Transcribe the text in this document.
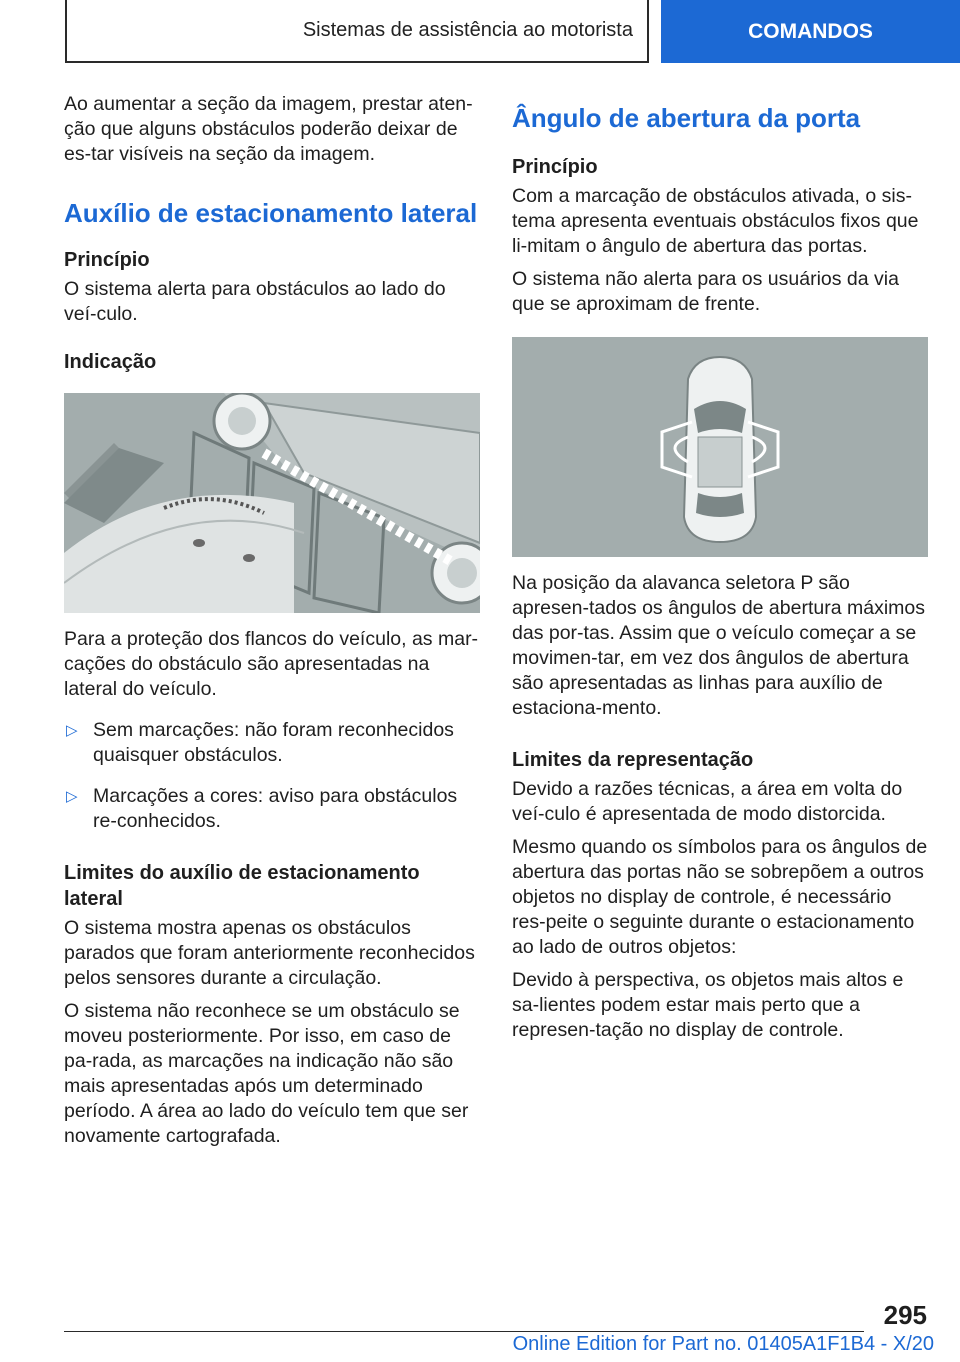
Sistemas de assistência ao motorista	COMANDOS

Ao aumentar a seção da imagem, prestar aten-ção que alguns obstáculos poderão deixar de es-tar visíveis na seção da imagem.

Auxílio de estacionamento lateral
Princípio

O sistema alerta para obstáculos ao lado do veí-culo.

Indicação

Para a proteção dos flancos do veículo, as mar-cações do obstáculo são apresentadas na lateral do veículo.

▷ Sem marcações: não foram reconhecidos quaisquer obstáculos.
▷ Marcações a cores: aviso para obstáculos re-conhecidos.
Limites do auxílio de estacionamento lateral

O sistema mostra apenas os obstáculos parados que foram anteriormente reconhecidos pelos sensores durante a circulação.

O sistema não reconhece se um obstáculo se moveu posteriormente. Por isso, em caso de pa-rada, as marcações na indicação não são mais apresentadas após um determinado período. A área ao lado do veículo tem que ser novamente cartografada.

Ângulo de abertura da porta
Princípio

Com a marcação de obstáculos ativada, o sis-tema apresenta eventuais obstáculos fixos que li-mitam o ângulo de abertura das portas.

O sistema não alerta para os usuários da via que se aproximam de frente.

Na posição da alavanca seletora P são apresen-tados os ângulos de abertura máximos das por-tas. Assim que o veículo começar a se movimen-tar, em vez dos ângulos de abertura são apresentadas as linhas para auxílio de estaciona-mento.

Limites da representação

Devido a razões técnicas, a área em volta do veí-culo é apresentada de modo distorcida.

Mesmo quando os símbolos para os ângulos de abertura das portas não se sobrepõem a outros objetos no display de controle, é necessário res-peite o seguinte durante o estacionamento ao lado de outros objetos:

Devido à perspectiva, os objetos mais altos e sa-lientes podem estar mais perto que a represen-tação no display de controle.

295
Online Edition for Part no. 01405A1F1B4 - X/20
